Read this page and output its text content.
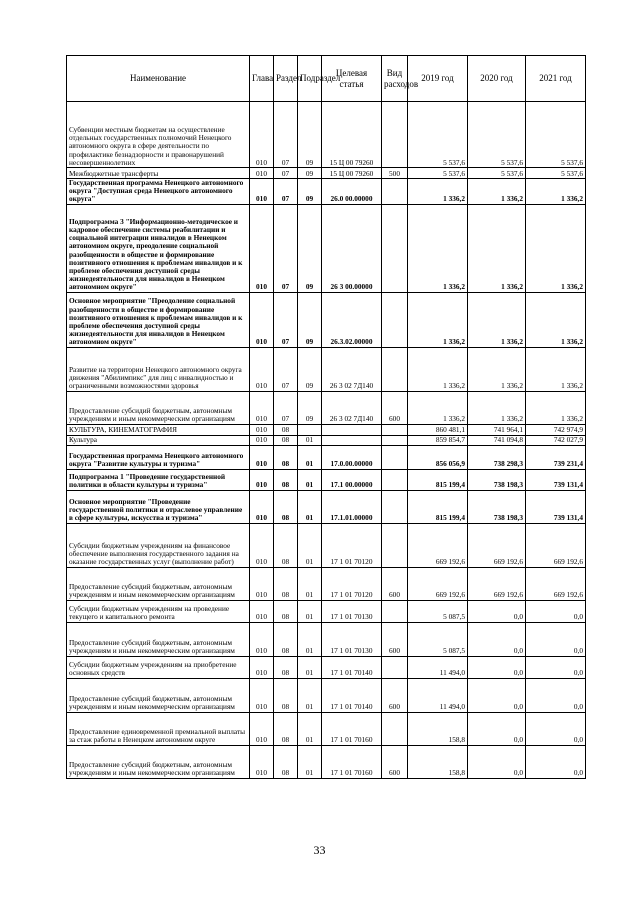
Наименование	Глава	Раздел	Подраздел	Целевая статья	Вид расходов	2019 год	2020 год	2021 год
Субвенции местным бюджетам на осуществление отдельных государственных полномочий Ненецкого автономного округа в сфере деятельности по профилактике безнадзорности и правонарушений несовершеннолетних	010	07	09	15 Ц 00 79260		5 537,6	5 537,6	5 537,6
Межбюджетные трансферты	010	07	09	15 Ц 00 79260	500	5 537,6	5 537,6	5 537,6
Государственная программа Ненецкого автономного округа "Доступная среда Ненецкого автономного округа"	010	07	09	26.0 00.00000		1 336,2	1 336,2	1 336,2
Подпрограмма 3 "Информационно-методическое и кадровое обеспечение системы реабилитации и социальной интеграции инвалидов в Ненецком автономном округе, преодоление социальной разобщенности в обществе и формирование позитивного отношения к проблемам инвалидов и к проблеме обеспечения доступной среды жизнедеятельности для инвалидов в Ненецком автономном округе"	010	07	09	26 3 00.00000		1 336,2	1 336,2	1 336,2
Основное мероприятие "Преодоление социальной разобщенности в обществе и формирование позитивного отношения к проблемам инвалидов и к проблеме обеспечения доступной среды жизнедеятельности для инвалидов в Ненецком автономном округе"	010	07	09	26.3.02.00000		1 336,2	1 336,2	1 336,2
Развитие на территории Ненецкого автономного округа движения "Абилимпикс" для лиц с инвалидностью и ограниченными возможностями здоровья	010	07	09	26 3 02 7Д140		1 336,2	1 336,2	1 336,2
Предоставление субсидий бюджетным, автономным учреждениям и иным некоммерческим организациям	010	07	09	26 3 02 7Д140	600	1 336,2	1 336,2	1 336,2
КУЛЬТУРА, КИНЕМАТОГРАФИЯ	010	08				860 481,1	741 964,1	742 974,9
Культура	010	08	01			859 854,7	741 094,8	742 027,9
Государственная программа Ненецкого автономного округа "Развитие культуры и туризма"	010	08	01	17.0.00.00000		856 056,9	738 298,3	739 231,4
Подпрограмма 1 "Проведение государственной политики в области культуры и туризма"	010	08	01	17.1 00.00000		815 199,4	738 198,3	739 131,4
Основное мероприятие "Проведение государственной политики и отраслевое управление в сфере культуры, искусства и туризма"	010	08	01	17.1.01.00000		815 199,4	738 198,3	739 131,4
Субсидии бюджетным учреждениям на финансовое обеспечение выполнения государственного задания на оказание государственных услуг (выполнение работ)	010	08	01	17 1 01 70120		669 192,6	669 192,6	669 192,6
Предоставление субсидий бюджетным, автономным учреждениям и иным некоммерческим организациям	010	08	01	17 1 01 70120	600	669 192,6	669 192,6	669 192,6
Субсидии бюджетным учреждениям на проведение текущего и капитального ремонта	010	08	01	17 1 01 70130		5 087,5	0,0	0,0
Предоставление субсидий бюджетным, автономным учреждениям и иным некоммерческим организациям	010	08	01	17 1 01 70130	600	5 087,5	0,0	0,0
Субсидии бюджетным учреждениям на приобретение основных средств	010	08	01	17 1 01 70140		11 494,0	0,0	0,0
Предоставление субсидий бюджетным, автономным учреждениям и иным некоммерческим организациям	010	08	01	17 1 01 70140	600	11 494,0	0,0	0,0
Предоставление единовременной премиальной выплаты за стаж работы в Ненецком автономном округе	010	08	01	17 1 01 70160		158,8	0,0	0,0
Предоставление субсидий бюджетным, автономным учреждениям и иным некоммерческим организациям	010	08	01	17 1 01 70160	600	158,8	0,0	0,0
33
